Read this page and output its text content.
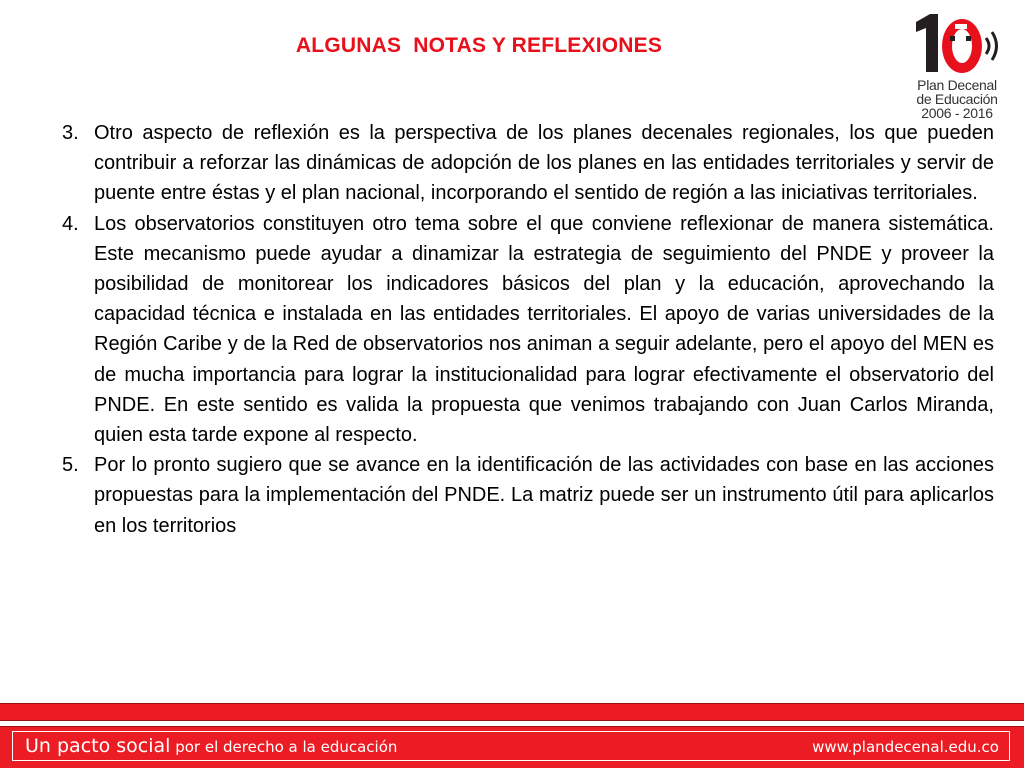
ALGUNAS  NOTAS Y REFLEXIONES
Plan Decenal
de Educación
2006 - 2016
3. Otro aspecto de reflexión es la perspectiva de los planes decenales regionales, los que pueden contribuir a reforzar las dinámicas de adopción de los planes en las entidades territoriales y servir de puente entre éstas y el plan nacional, incorporando el sentido de región a las iniciativas territoriales.
4. Los observatorios constituyen otro tema sobre el que conviene reflexionar de manera sistemática. Este mecanismo puede ayudar a dinamizar la estrategia de seguimiento del PNDE y proveer la posibilidad de monitorear los indicadores básicos del plan y la educación, aprovechando la capacidad técnica e instalada en las entidades territoriales. El apoyo de varias universidades de la Región Caribe y de la Red de observatorios nos animan a seguir adelante, pero el apoyo del MEN es de mucha importancia para lograr la institucionalidad para lograr efectivamente el observatorio del PNDE. En este sentido es valida la propuesta que venimos trabajando con Juan Carlos Miranda, quien esta tarde expone al respecto.
5. Por lo pronto sugiero que se avance en la identificación de las actividades con base en las acciones propuestas para la implementación del PNDE. La matriz puede ser un instrumento útil para aplicarlos en los territorios
Un pacto social por el derecho a la educación	www.plandecenal.edu.co
